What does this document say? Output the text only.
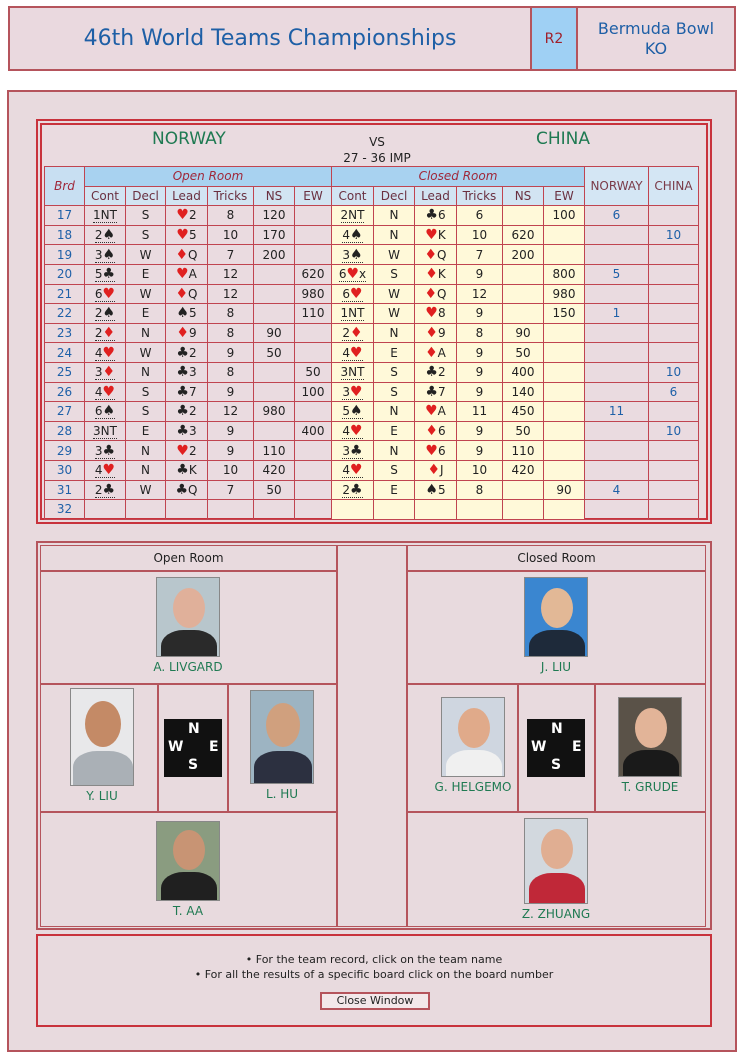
46th World Teams Championships	R2
Bermuda Bowl
KO
NORWAY	VS
27 - 36 IMP
CHINA
Brd	Open Room						Closed Room						NORWAY	CHINA
	Cont	Decl	Lead	Tricks	NS	EW	Cont	Decl	Lead	Tricks	NS	EW		
17	1NT	S	♥2	8	120		2NT	N	♣6	6		100	6	
18	2♠	S	♥5	10	170		4♠	N	♥K	10	620			10
19	3♠	W	♦Q	7	200		3♠	W	♦Q	7	200			
20	5♣	E	♥A	12		620	6♥x	S	♦K	9		800	5	
21	6♥	W	♦Q	12		980	6♥	W	♦Q	12		980		
22	2♠	E	♠5	8		110	1NT	W	♥8	9		150	1	
23	2♦	N	♦9	8	90		2♦	N	♦9	8	90			
24	4♥	W	♣2	9	50		4♥	E	♦A	9	50			
25	3♦	N	♣3	8		50	3NT	S	♣2	9	400			10
26	4♥	S	♣7	9		100	3♥	S	♣7	9	140			6
27	6♠	S	♣2	12	980		5♠	N	♥A	11	450		11	
28	3NT	E	♣3	9		400	4♥	E	♦6	9	50			10
29	3♣	N	♥2	9	110		3♣	N	♥6	9	110			
30	4♥	N	♣K	10	420		4♥	S	♦J	10	420			
31	2♣	W	♣Q	7	50		2♣	E	♠5	8		90	4	
32														
Open Room	Closed Room
A. LIVGARD
Y. LIU
N
W E
S
L. HU
T. AA
J. LIU
G. HELGEMO
N
W E
S
T. GRUDE
Z. ZHUANG
• For the team record, click on the team name
• For all the results of a specific board click on the board number
Close Window
